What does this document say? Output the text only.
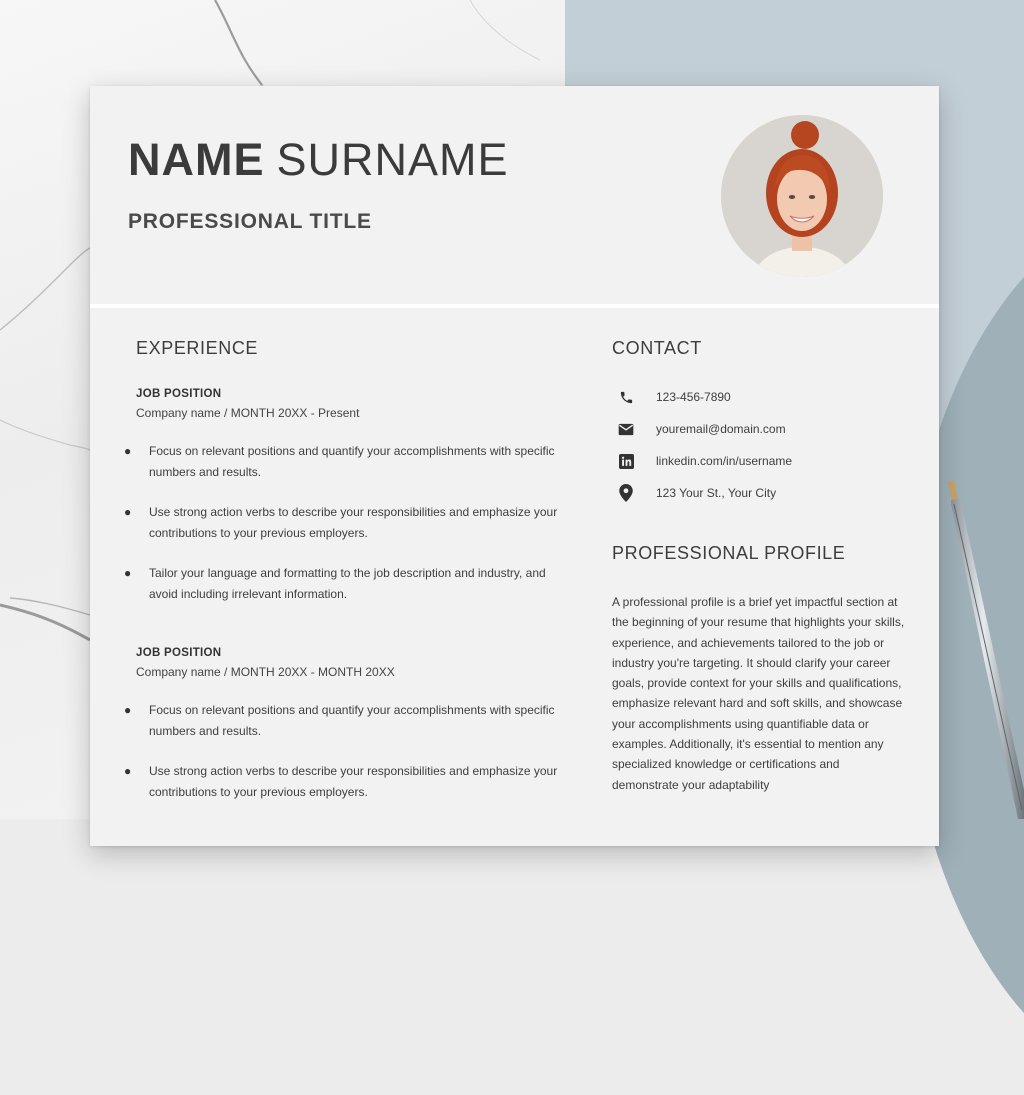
NAME SURNAME
PROFESSIONAL TITLE
EXPERIENCE
JOB POSITION
Company name / MONTH 20XX - Present
● Focus on relevant positions and quantify your accomplishments with specific numbers and results.
● Use strong action verbs to describe your responsibilities and emphasize your contributions to your previous employers.
● Tailor your language and formatting to the job description and industry, and avoid including irrelevant information.
JOB POSITION
Company name / MONTH 20XX - MONTH 20XX
● Focus on relevant positions and quantify your accomplishments with specific numbers and results.
● Use strong action verbs to describe your responsibilities and emphasize your contributions to your previous employers.
CONTACT
123-456-7890
youremail@domain.com
linkedin.com/in/username
123 Your St., Your City
PROFESSIONAL PROFILE

A professional profile is a brief yet impactful section at the beginning of your resume that highlights your skills, experience, and achievements tailored to the job or industry you're targeting. It should clarify your career goals, provide context for your skills and qualifications, emphasize relevant hard and soft skills, and showcase your accomplishments using quantifiable data or examples. Additionally, it's essential to mention any specialized knowledge or certifications and demonstrate your adaptability
